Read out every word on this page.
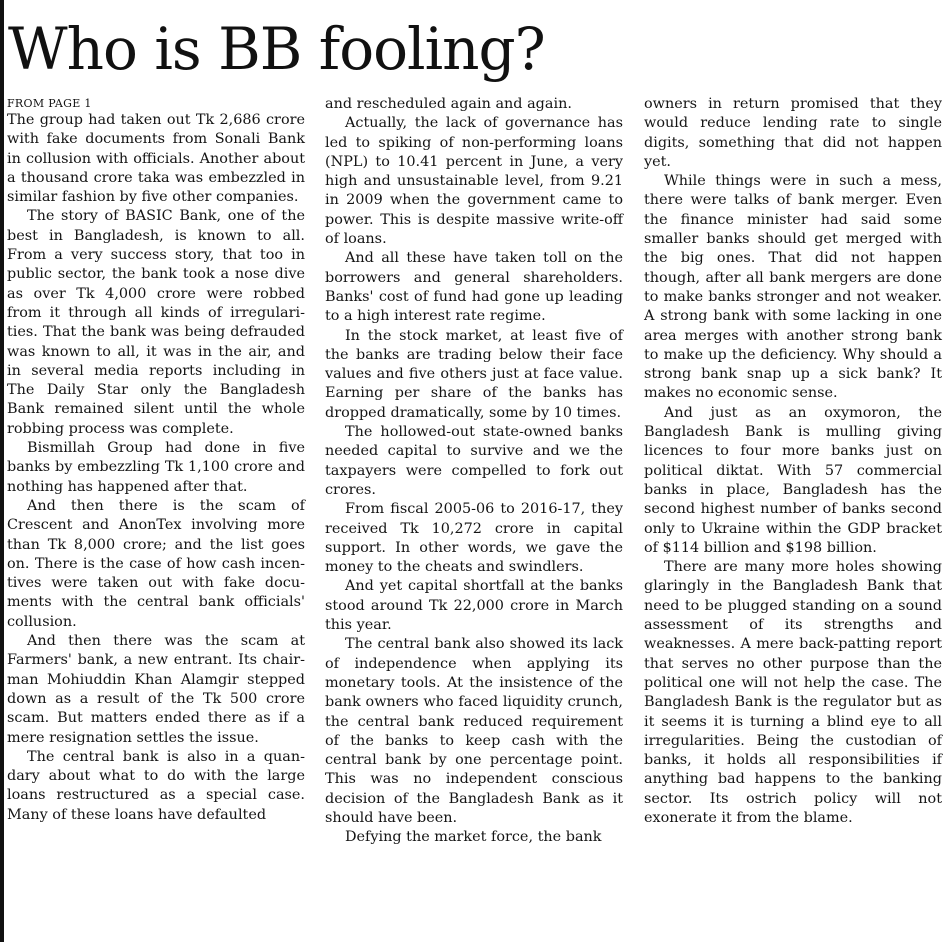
Who is BB fooling?
FROM PAGE 1

The group had taken out Tk 2,686 crore with fake documents from Sonali Bank in collusion with officials. Another about a thousand crore taka was embezzled in similar fashion by five other companies.

The story of BASIC Bank, one of the best in Bangladesh, is known to all. From a very success story, that too in public sector, the bank took a nose dive as over Tk 4,000 crore were robbed from it through all kinds of irregularities. That the bank was being defrauded was known to all, it was in the air, and in several media reports including in The Daily Star only the Bangladesh Bank remained silent until the whole robbing process was complete.

Bismillah Group had done in five banks by embezzling Tk 1,100 crore and nothing has happened after that.

And then there is the scam of Crescent and AnonTex involving more than Tk 8,000 crore; and the list goes on. There is the case of how cash incentives were taken out with fake documents with the central bank officials' collusion.

And then there was the scam at Farmers' bank, a new entrant. Its chairman Mohiuddin Khan Alamgir stepped down as a result of the Tk 500 crore scam. But matters ended there as if a mere resignation settles the issue.

The central bank is also in a quandary about what to do with the large loans restructured as a special case. Many of these loans have defaulted

and rescheduled again and again.

Actually, the lack of governance has led to spiking of non-performing loans (NPL) to 10.41 percent in June, a very high and unsustainable level, from 9.21 in 2009 when the government came to power. This is despite massive write-off of loans.

And all these have taken toll on the borrowers and general shareholders. Banks' cost of fund had gone up leading to a high interest rate regime.

In the stock market, at least five of the banks are trading below their face values and five others just at face value. Earning per share of the banks has dropped dramatically, some by 10 times.

The hollowed-out state-owned banks needed capital to survive and we the taxpayers were compelled to fork out crores.

From fiscal 2005-06 to 2016-17, they received Tk 10,272 crore in capital support. In other words, we gave the money to the cheats and swindlers.

And yet capital shortfall at the banks stood around Tk 22,000 crore in March this year.

The central bank also showed its lack of independence when applying its monetary tools. At the insistence of the bank owners who faced liquidity crunch, the central bank reduced requirement of the banks to keep cash with the central bank by one percentage point. This was no independent conscious decision of the Bangladesh Bank as it should have been.

Defying the market force, the bank

owners in return promised that they would reduce lending rate to single digits, something that did not happen yet.

While things were in such a mess, there were talks of bank merger. Even the finance minister had said some smaller banks should get merged with the big ones. That did not happen though, after all bank mergers are done to make banks stronger and not weaker. A strong bank with some lacking in one area merges with another strong bank to make up the deficiency. Why should a strong bank snap up a sick bank? It makes no economic sense.

And just as an oxymoron, the Bangladesh Bank is mulling giving licences to four more banks just on political diktat. With 57 commercial banks in place, Bangladesh has the second highest number of banks second only to Ukraine within the GDP bracket of $114 billion and $198 billion.

There are many more holes showing glaringly in the Bangladesh Bank that need to be plugged standing on a sound assessment of its strengths and weaknesses. A mere back-patting report that serves no other purpose than the political one will not help the case. The Bangladesh Bank is the regulator but as it seems it is turning a blind eye to all irregularities. Being the custodian of banks, it holds all responsibilities if anything bad happens to the banking sector. Its ostrich policy will not exonerate it from the blame.
